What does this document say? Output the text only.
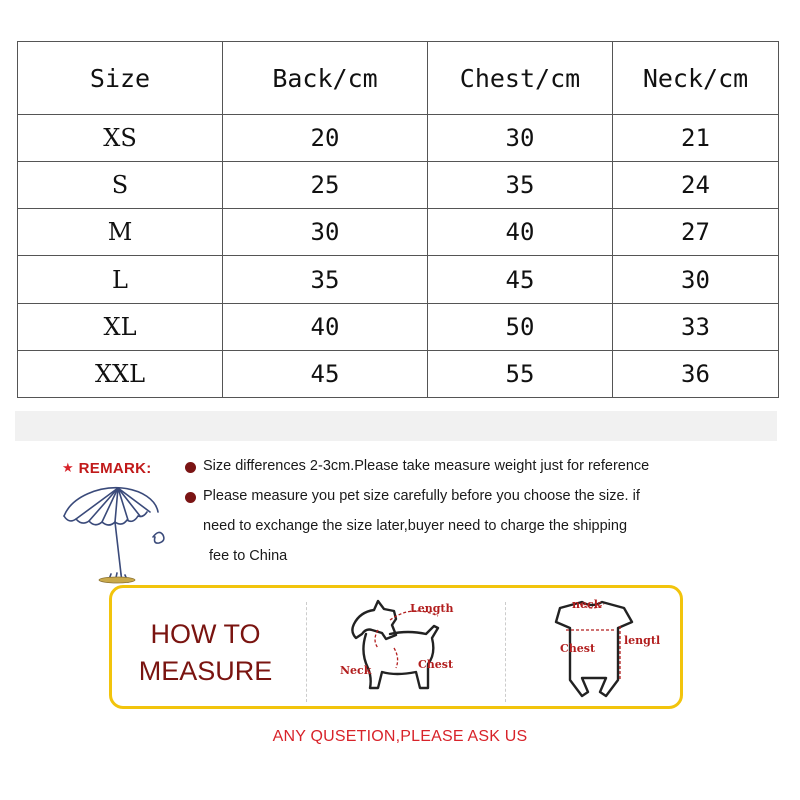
Size	Back/cm	Chest/cm	Neck/cm
XS	20	30	21
S	25	35	24
M	30	40	27
L	35	45	30
XL	40	50	33
XXL	45	55	36
★ REMARK:	Size differences 2-3cm.Please take measure weight just for reference
Please measure you pet size carefully before you choose the size. if
need to exchange the size later,buyer need to charge the shipping
fee to China
HOW TO
MEASURE
Length
Neck	Chest
neck
Chest
lengtl
ANY QUSETION,PLEASE ASK US
